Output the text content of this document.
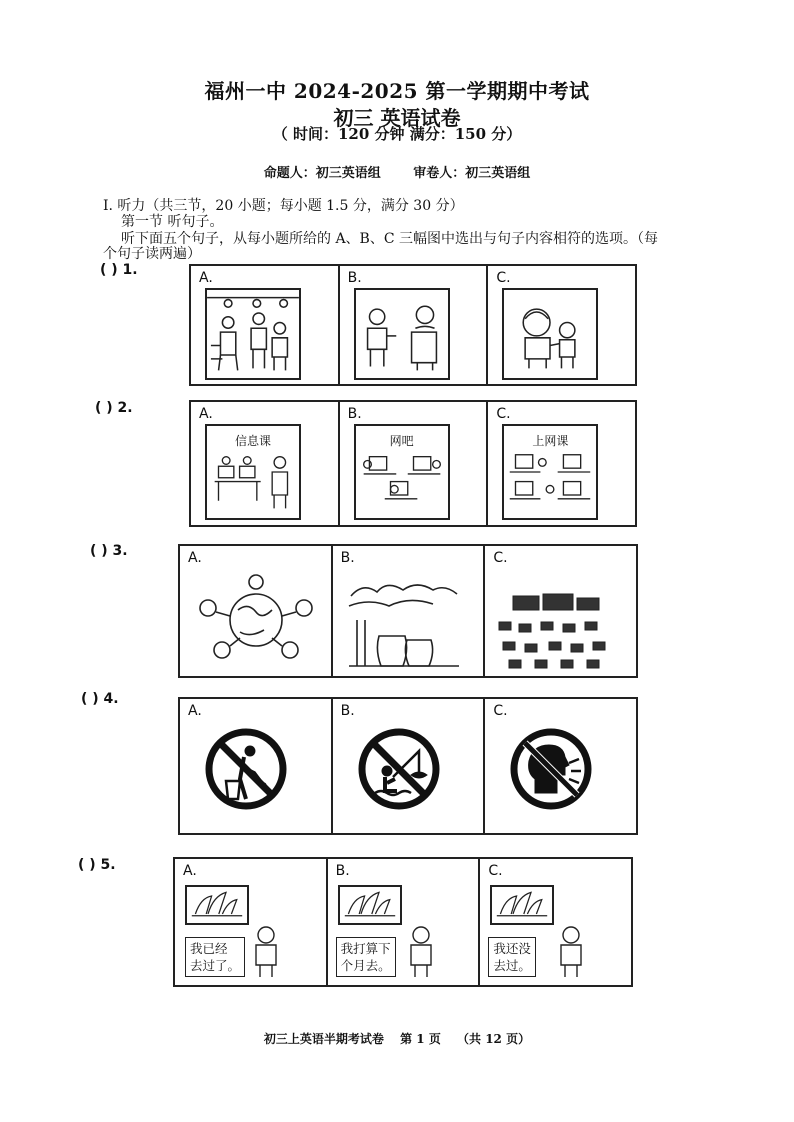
福州一中 2024-2025 第一学期期中考试
初三 英语试卷
（ 时间：120 分钟 满分：150 分）
命题人：初三英语组	审卷人：初三英语组
I. 听力（共三节，20 小题；每小题 1.5 分，满分 30 分）
第一节 听句子。
听下面五个句子，从每小题所给的 A、B、C 三幅图中选出与句子内容相符的选项。（每
个句子读两遍）
( ) 1.	A.	B.	C.
( ) 2.	A.
信息课
B.
网吧
C.
上网课
( ) 3.	A.	B.	C.
( ) 4.
A.	B.	C.
( ) 5.	A.
我已经
去过了。
B.
我打算下
个月去。
C.
我还没
去过。
初三上英语半期考试卷 第 1 页 （共 12 页）
